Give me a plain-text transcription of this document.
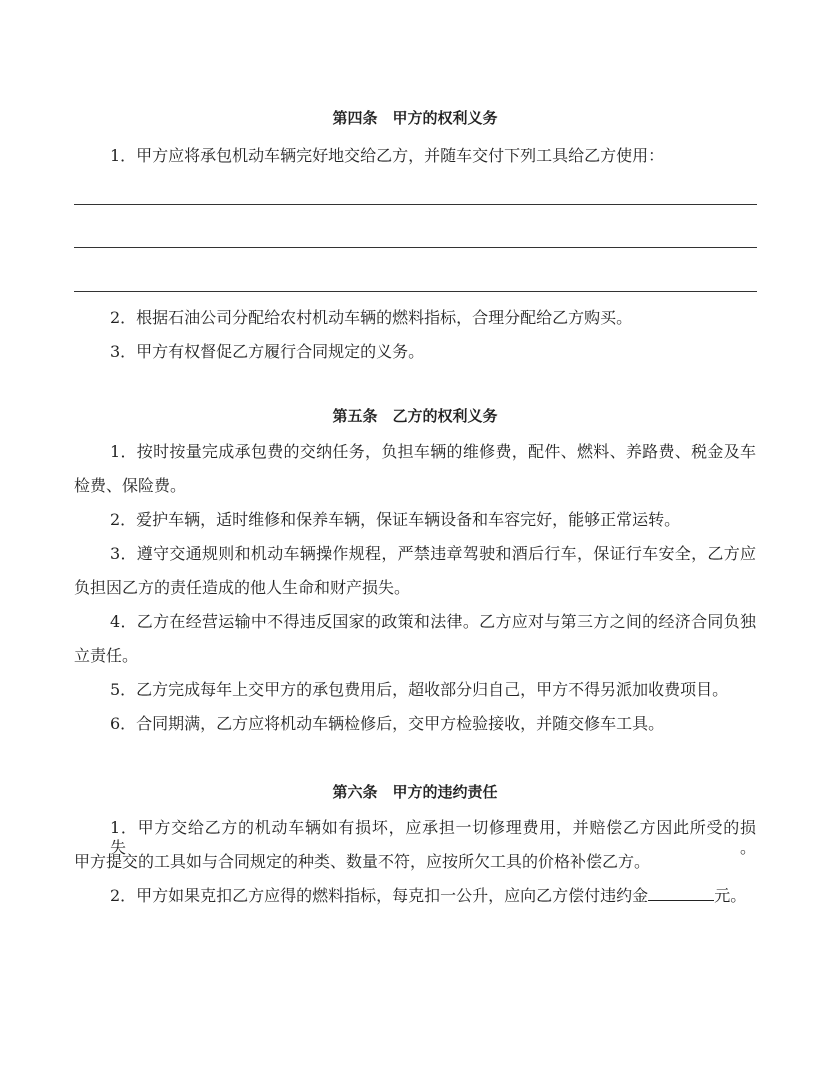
第四条　甲方的权利义务
1．甲方应将承包机动车辆完好地交给乙方，并随车交付下列工具给乙方使用：
2．根据石油公司分配给农村机动车辆的燃料指标，合理分配给乙方购买。
3．甲方有权督促乙方履行合同规定的义务。
第五条　乙方的权利义务
1．按时按量完成承包费的交纳任务，负担车辆的维修费，配件、燃料、养路费、税金及车
检费、保险费。
2．爱护车辆，适时维修和保养车辆，保证车辆设备和车容完好，能够正常运转。
3．遵守交通规则和机动车辆操作规程，严禁违章驾驶和酒后行车，保证行车安全，乙方应
负担因乙方的责任造成的他人生命和财产损失。
4．乙方在经营运输中不得违反国家的政策和法律。乙方应对与第三方之间的经济合同负独
立责任。
5．乙方完成每年上交甲方的承包费用后，超收部分归自己，甲方不得另派加收费项目。
6．合同期满，乙方应将机动车辆检修后，交甲方检验接收，并随交修车工具。
第六条　甲方的违约责任
1．甲方交给乙方的机动车辆如有损坏，应承担一切修理费用，并赔偿乙方因此所受的损失。
甲方提交的工具如与合同规定的种类、数量不符，应按所欠工具的价格补偿乙方。
2．甲方如果克扣乙方应得的燃料指标，每克扣一公升，应向乙方偿付违约金	元。
